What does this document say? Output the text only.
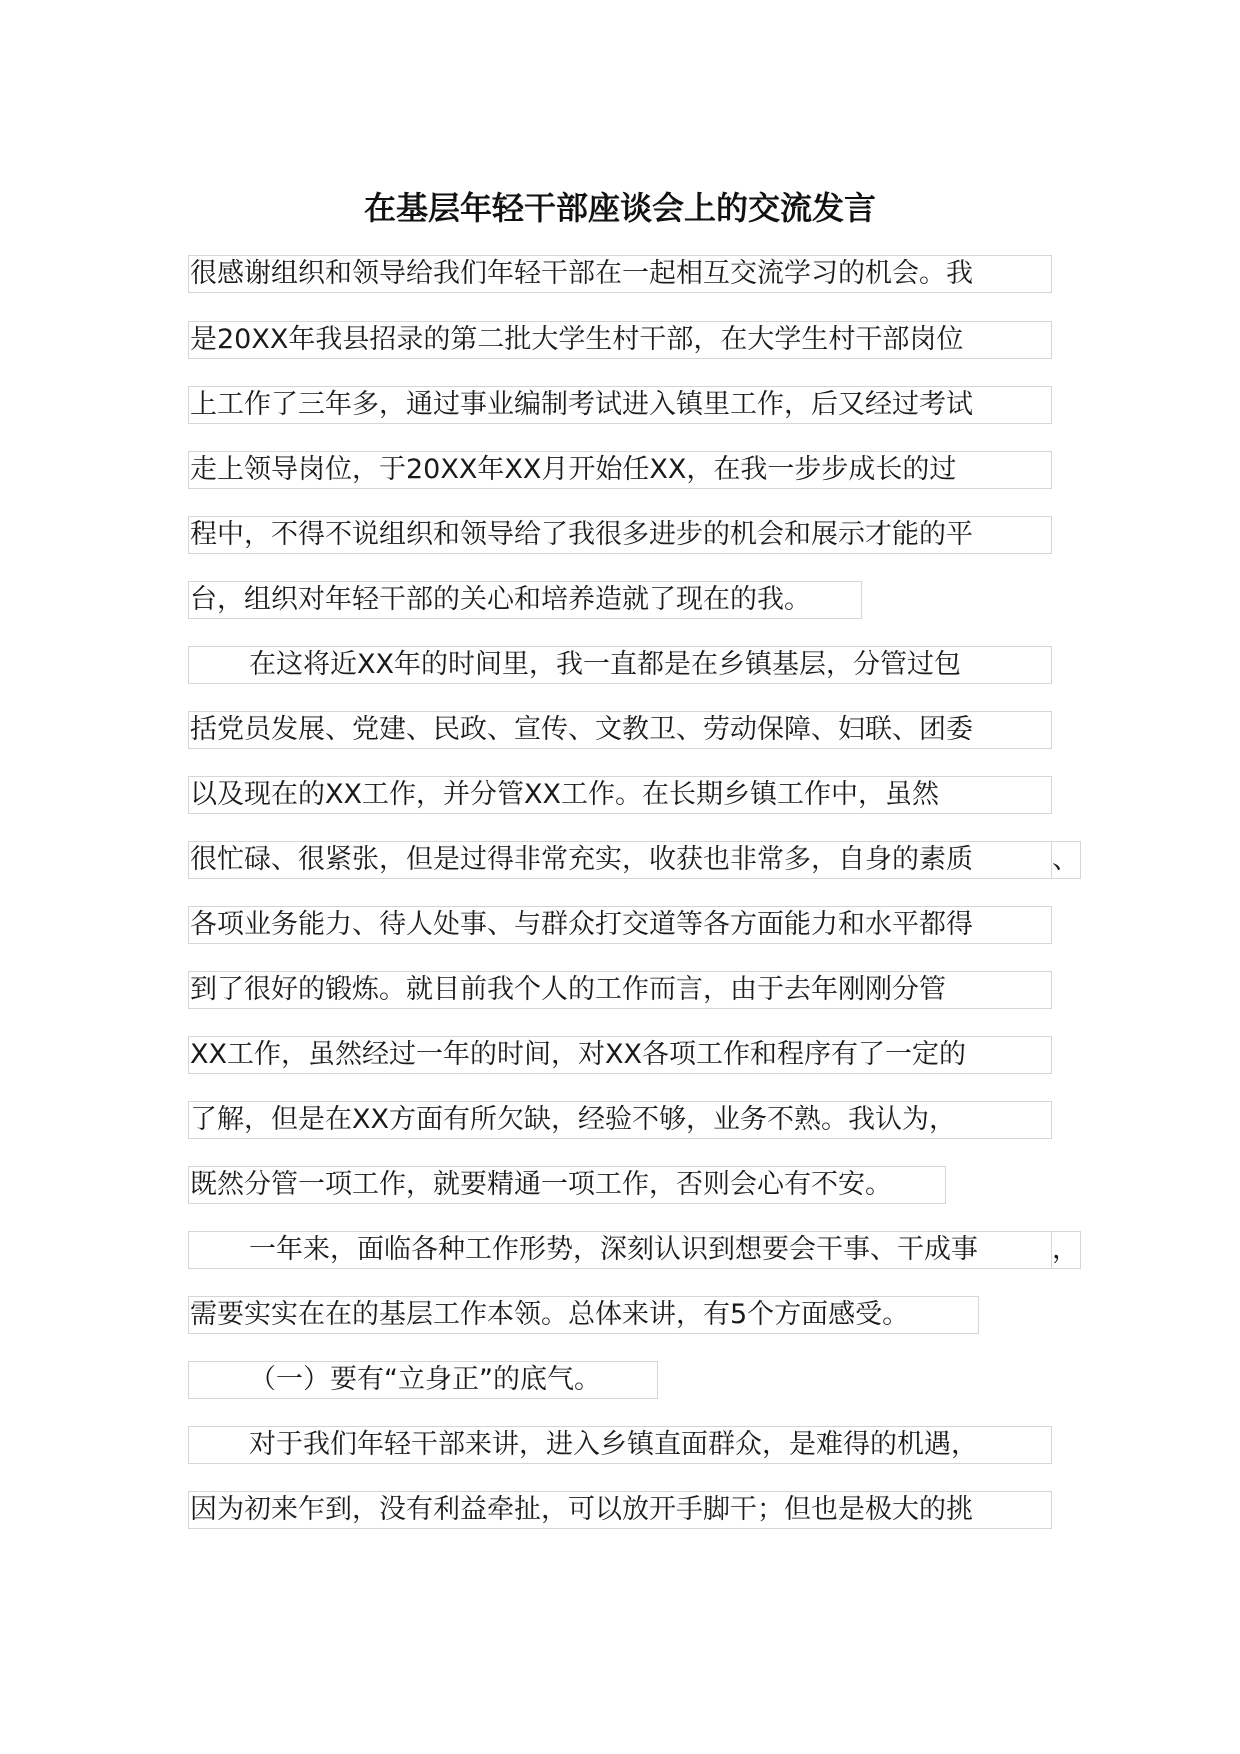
在基层年轻干部座谈会上的交流发言
很感谢组织和领导给我们年轻干部在一起相互交流学习的机会。我
是20XX年我县招录的第二批大学生村干部，在大学生村干部岗位
上工作了三年多，通过事业编制考试进入镇里工作，后又经过考试
走上领导岗位，于20XX年XX月开始任XX，在我一步步成长的过
程中，不得不说组织和领导给了我很多进步的机会和展示才能的平
台，组织对年轻干部的关心和培养造就了现在的我。
在这将近XX年的时间里，我一直都是在乡镇基层，分管过包
括党员发展、党建、民政、宣传、文教卫、劳动保障、妇联、团委
以及现在的XX工作，并分管XX工作。在长期乡镇工作中，虽然
很忙碌、很紧张，但是过得非常充实，收获也非常多，自身的素质	、
各项业务能力、待人处事、与群众打交道等各方面能力和水平都得
到了很好的锻炼。就目前我个人的工作而言，由于去年刚刚分管
XX工作，虽然经过一年的时间，对XX各项工作和程序有了一定的
了解，但是在XX方面有所欠缺，经验不够，业务不熟。我认为，
既然分管一项工作，就要精通一项工作，否则会心有不安。
一年来，面临各种工作形势，深刻认识到想要会干事、干成事	，
需要实实在在的基层工作本领。总体来讲，有5个方面感受。
（一）要有“立身正”的底气。
对于我们年轻干部来讲，进入乡镇直面群众，是难得的机遇，
因为初来乍到，没有利益牵扯，可以放开手脚干；但也是极大的挑
